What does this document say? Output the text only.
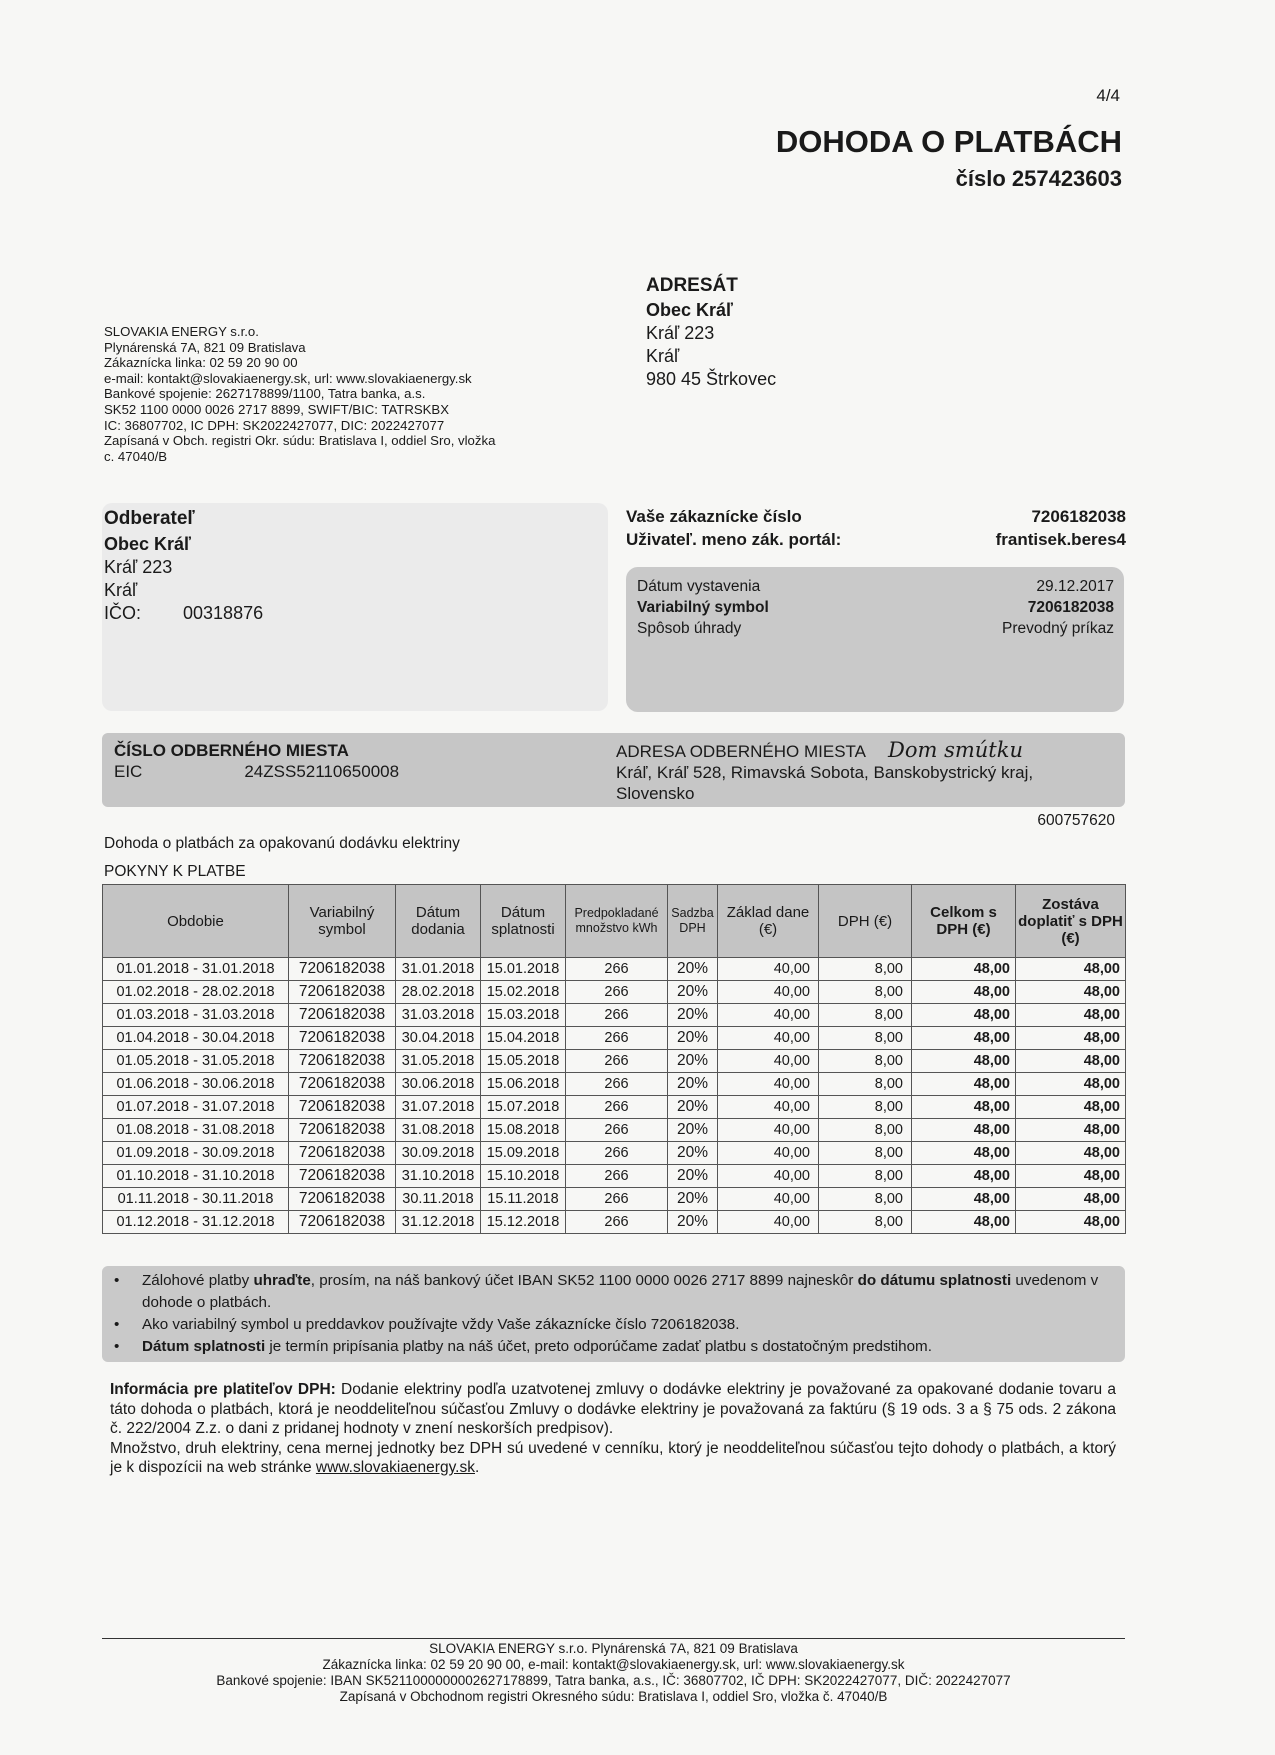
4/4
DOHODA O PLATBÁCH
číslo 257423603
SLOVAKIA ENERGY s.r.o.
Plynárenská 7A, 821 09 Bratislava
Zákaznícka linka: 02 59 20 90 00
e-mail: kontakt@slovakiaenergy.sk, url: www.slovakiaenergy.sk
Bankové spojenie: 2627178899/1100, Tatra banka, a.s.
SK52 1100 0000 0026 2717 8899, SWIFT/BIC: TATRSKBX
IC: 36807702, IC DPH: SK2022427077, DIC: 2022427077
Zapísaná v Obch. registri Okr. súdu: Bratislava I, oddiel Sro, vložka
c. 47040/B
ADRESÁT
Obec Kráľ
Kráľ 223
Kráľ
980 45 Štrkovec
Odberateľ
Obec Kráľ
Kráľ 223
Kráľ
IČO: 00318876
Vaše zákaznícke číslo	7206182038
Uživateľ. meno zák. portál:	frantisek.beres4
Dátum vystavenia	29.12.2017
Variabilný symbol	7206182038
Spôsob úhrady	Prevodný príkaz
ČÍSLO ODBERNÉHO MIESTA
EIC	24ZSS52110650008
ADRESA ODBERNÉHO MIESTA Dom smútku
Kráľ, Kráľ 528, Rimavská Sobota, Banskobystrický kraj,
Slovensko
600757620
Dohoda o platbách za opakovanú dodávku elektriny
POKYNY K PLATBE
Obdobie	Variabilný symbol	Dátum dodania	Dátum splatnosti	Predpokladané množstvo kWh	Sadzba DPH	Základ dane (€)	DPH (€)	Celkom s DPH (€)	Zostáva doplatiť s DPH (€)
01.01.2018 - 31.01.2018	7206182038	31.01.2018	15.01.2018	266	20%	40,00	8,00	48,00	48,00
01.02.2018 - 28.02.2018	7206182038	28.02.2018	15.02.2018	266	20%	40,00	8,00	48,00	48,00
01.03.2018 - 31.03.2018	7206182038	31.03.2018	15.03.2018	266	20%	40,00	8,00	48,00	48,00
01.04.2018 - 30.04.2018	7206182038	30.04.2018	15.04.2018	266	20%	40,00	8,00	48,00	48,00
01.05.2018 - 31.05.2018	7206182038	31.05.2018	15.05.2018	266	20%	40,00	8,00	48,00	48,00
01.06.2018 - 30.06.2018	7206182038	30.06.2018	15.06.2018	266	20%	40,00	8,00	48,00	48,00
01.07.2018 - 31.07.2018	7206182038	31.07.2018	15.07.2018	266	20%	40,00	8,00	48,00	48,00
01.08.2018 - 31.08.2018	7206182038	31.08.2018	15.08.2018	266	20%	40,00	8,00	48,00	48,00
01.09.2018 - 30.09.2018	7206182038	30.09.2018	15.09.2018	266	20%	40,00	8,00	48,00	48,00
01.10.2018 - 31.10.2018	7206182038	31.10.2018	15.10.2018	266	20%	40,00	8,00	48,00	48,00
01.11.2018 - 30.11.2018	7206182038	30.11.2018	15.11.2018	266	20%	40,00	8,00	48,00	48,00
01.12.2018 - 31.12.2018	7206182038	31.12.2018	15.12.2018	266	20%	40,00	8,00	48,00	48,00
• Zálohové platby uhraďte, prosím, na náš bankový účet IBAN SK52 1100 0000 0026 2717 8899 najneskôr do dátumu splatnosti uvedenom v dohode o platbách.
• Ako variabilný symbol u preddavkov používajte vždy Vaše zákaznícke číslo 7206182038.
• Dátum splatnosti je termín pripísania platby na náš účet, preto odporúčame zadať platbu s dostatočným predstihom.

Informácia pre platiteľov DPH: Dodanie elektriny podľa uzatvotenej zmluvy o dodávke elektriny je považované za opakované dodanie tovaru a táto dohoda o platbách, ktorá je neoddeliteľnou súčasťou Zmluvy o dodávke elektriny je považovaná za faktúru (§ 19 ods. 3 a § 75 ods. 2 zákona č. 222/2004 Z.z. o dani z pridanej hodnoty v znení neskorších predpisov).

Množstvo, druh elektriny, cena mernej jednotky bez DPH sú uvedené v cenníku, ktorý je neoddeliteľnou súčasťou tejto dohody o platbách, a ktorý je k dispozícii na web stránke www.slovakiaenergy.sk.

SLOVAKIA ENERGY s.r.o. Plynárenská 7A, 821 09 Bratislava
Zákaznícka linka: 02 59 20 90 00, e-mail: kontakt@slovakiaenergy.sk, url: www.slovakiaenergy.sk
Bankové spojenie: IBAN SK5211000000002627178899, Tatra banka, a.s., IČ: 36807702, IČ DPH: SK2022427077, DIČ: 2022427077
Zapísaná v Obchodnom registri Okresného súdu: Bratislava I, oddiel Sro, vložka č. 47040/B
